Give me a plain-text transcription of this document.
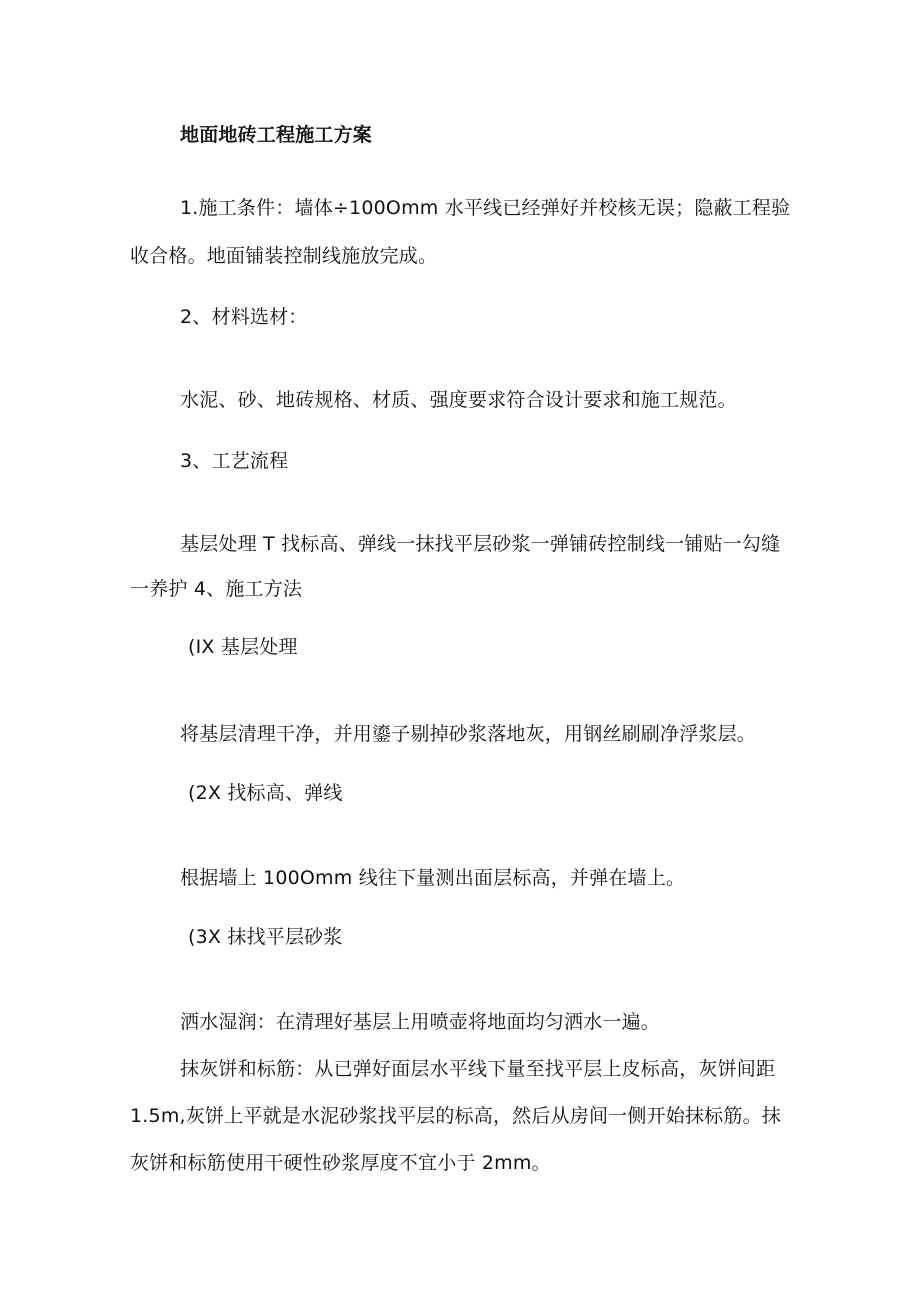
地面地砖工程施工方案
1.施工条件：墙体÷100Omm 水平线已经弹好并校核无误；隐蔽工程验
收合格。地面铺装控制线施放完成。
2、材料选材：
水泥、砂、地砖规格、材质、强度要求符合设计要求和施工规范。
3、工艺流程
基层处理 T 找标高、弹线一抹找平层砂浆一弹铺砖控制线一铺贴一勾缝
一养护 4、施工方法
(IX 基层处理
将基层清理干净，并用鎏子剔掉砂浆落地灰，用钢丝刷刷净浮浆层。
(2X 找标高、弹线
根据墙上 100Omm 线往下量测出面层标高，并弹在墙上。
(3X 抹找平层砂浆
洒水湿润：在清理好基层上用喷壶将地面均匀洒水一遍。
抹灰饼和标筋：从已弹好面层水平线下量至找平层上皮标高，灰饼间距
1.5m,灰饼上平就是水泥砂浆找平层的标高，然后从房间一侧开始抹标筋。抹
灰饼和标筋使用干硬性砂浆厚度不宜小于 2mm。
